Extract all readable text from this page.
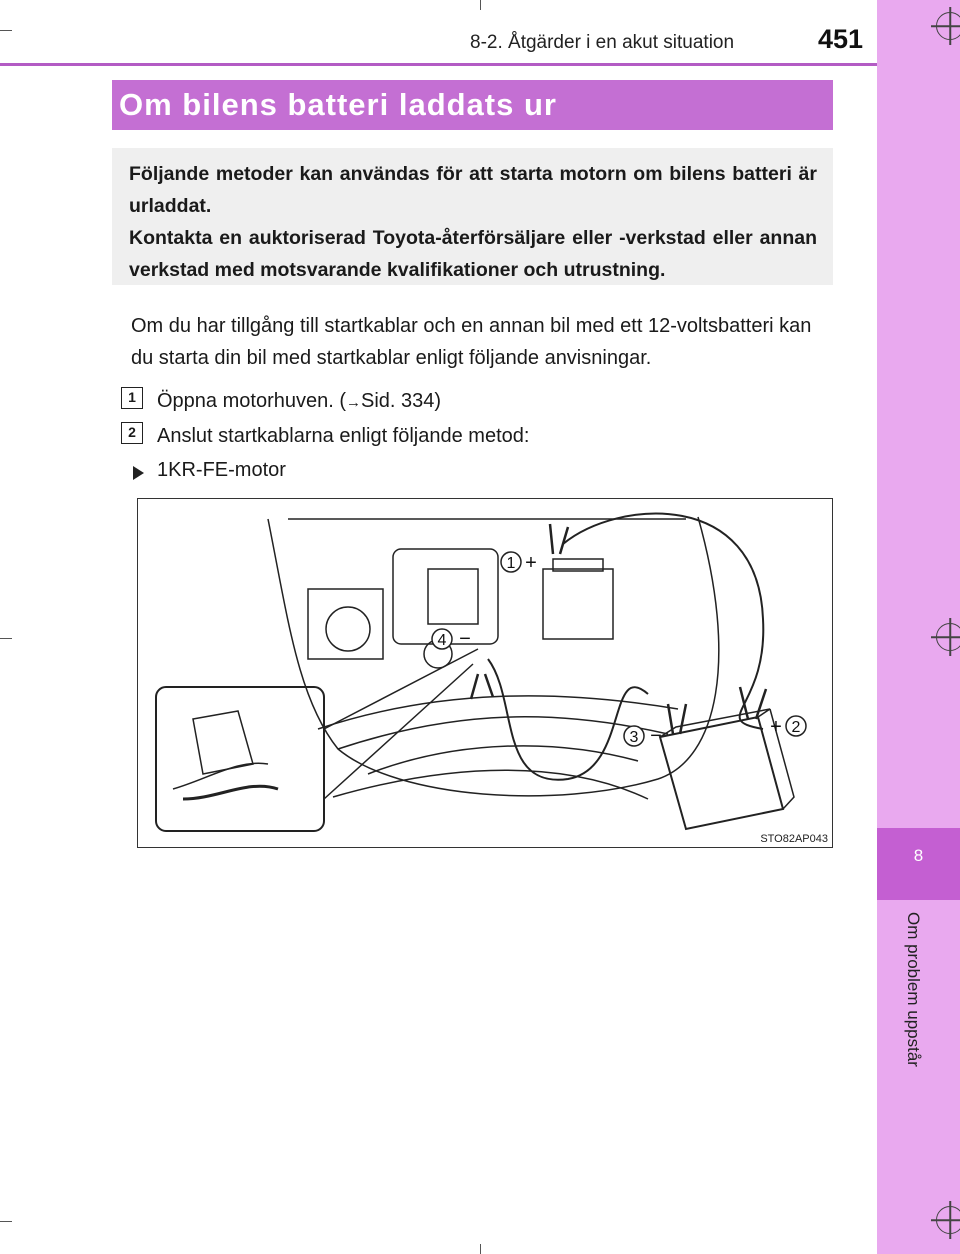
8
Om problem uppstår
8-2. Åtgärder i en akut situation	451
Om bilens batteri laddats ur

Följande metoder kan användas för att starta motorn om bilens batteri är urladdat.

Kontakta en auktoriserad Toyota-återförsäljare eller -verkstad eller annan verkstad med motsvarande kvalifikationer och utrustning.

Om du har tillgång till startkablar och en annan bil med ett 12-voltsbatteri kan du starta din bil med startkablar enligt följande anvisningar.
1	Öppna motorhuven. (→Sid. 334)
2	Anslut startkablarna enligt följande metod:
1KR-FE-motor
1 +
4 −
2
+
3 −
STO82AP043
